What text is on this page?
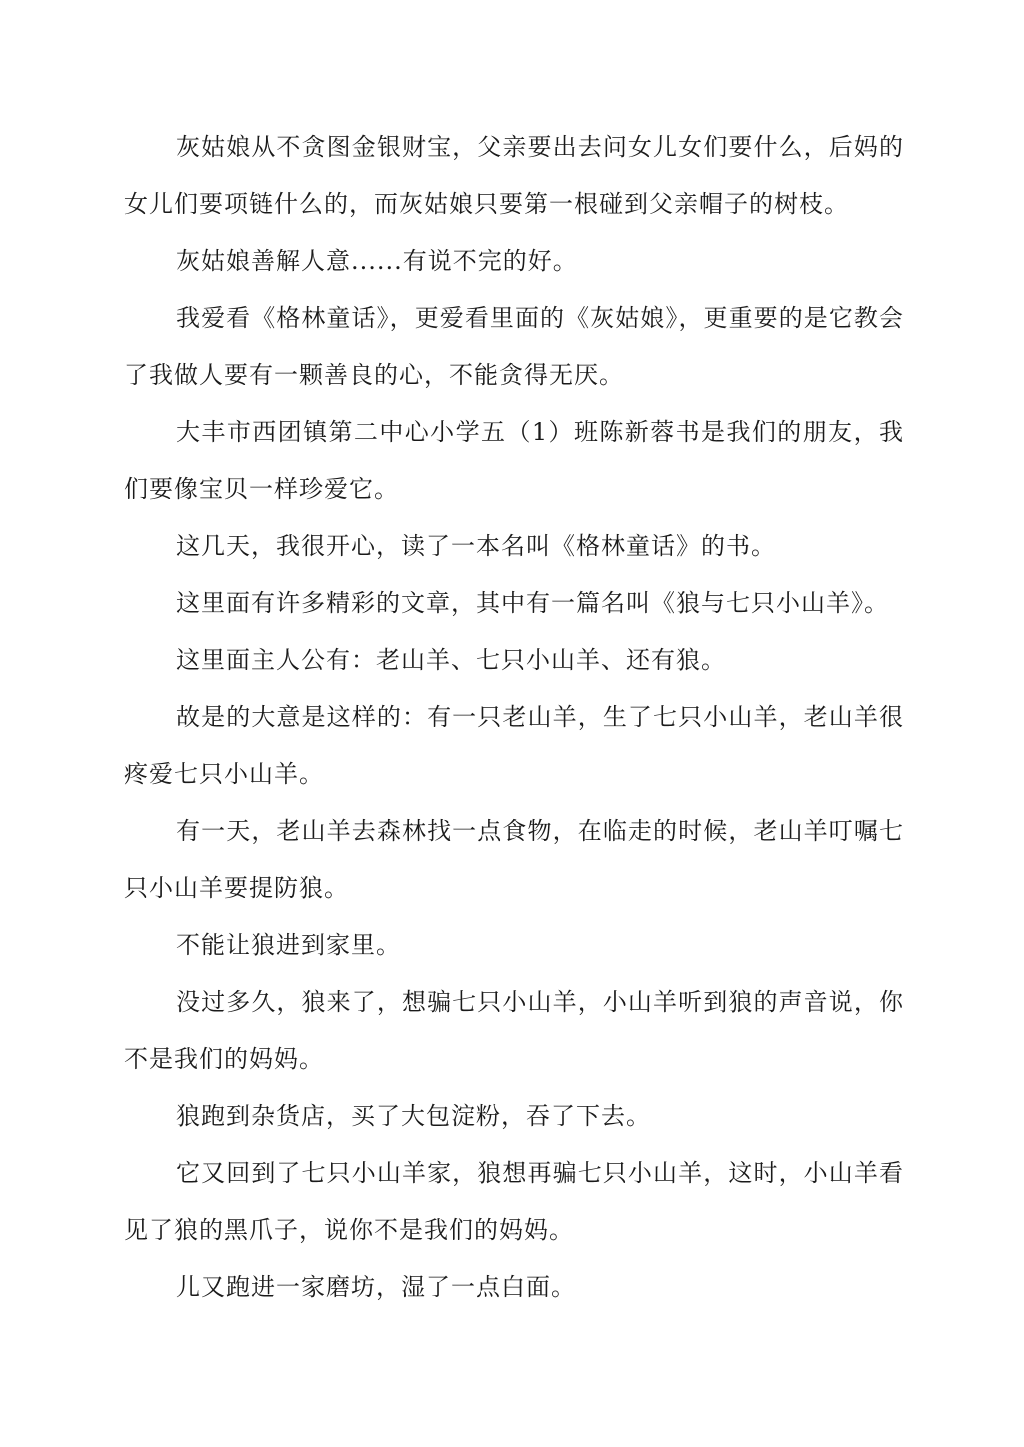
灰姑娘从不贪图金银财宝，父亲要出去问女儿女们要什么，后妈的女儿们要项链什么的，而灰姑娘只要第一根碰到父亲帽子的树枝。

灰姑娘善解人意......有说不完的好。

我爱看《格林童话》，更爱看里面的《灰姑娘》，更重要的是它教会了我做人要有一颗善良的心，不能贪得无厌。

大丰市西团镇第二中心小学五（1）班陈新蓉书是我们的朋友，我们要像宝贝一样珍爱它。

这几天，我很开心，读了一本名叫《格林童话》的书。

这里面有许多精彩的文章，其中有一篇名叫《狼与七只小山羊》。

这里面主人公有：老山羊、七只小山羊、还有狼。

故是的大意是这样的：有一只老山羊，生了七只小山羊，老山羊很疼爱七只小山羊。

有一天，老山羊去森林找一点食物，在临走的时候，老山羊叮嘱七只小山羊要提防狼。

不能让狼进到家里。

没过多久，狼来了，想骗七只小山羊，小山羊听到狼的声音说，你不是我们的妈妈。

狼跑到杂货店，买了大包淀粉，吞了下去。

它又回到了七只小山羊家，狼想再骗七只小山羊，这时，小山羊看见了狼的黑爪子，说你不是我们的妈妈。

儿又跑进一家磨坊，湿了一点白面。
